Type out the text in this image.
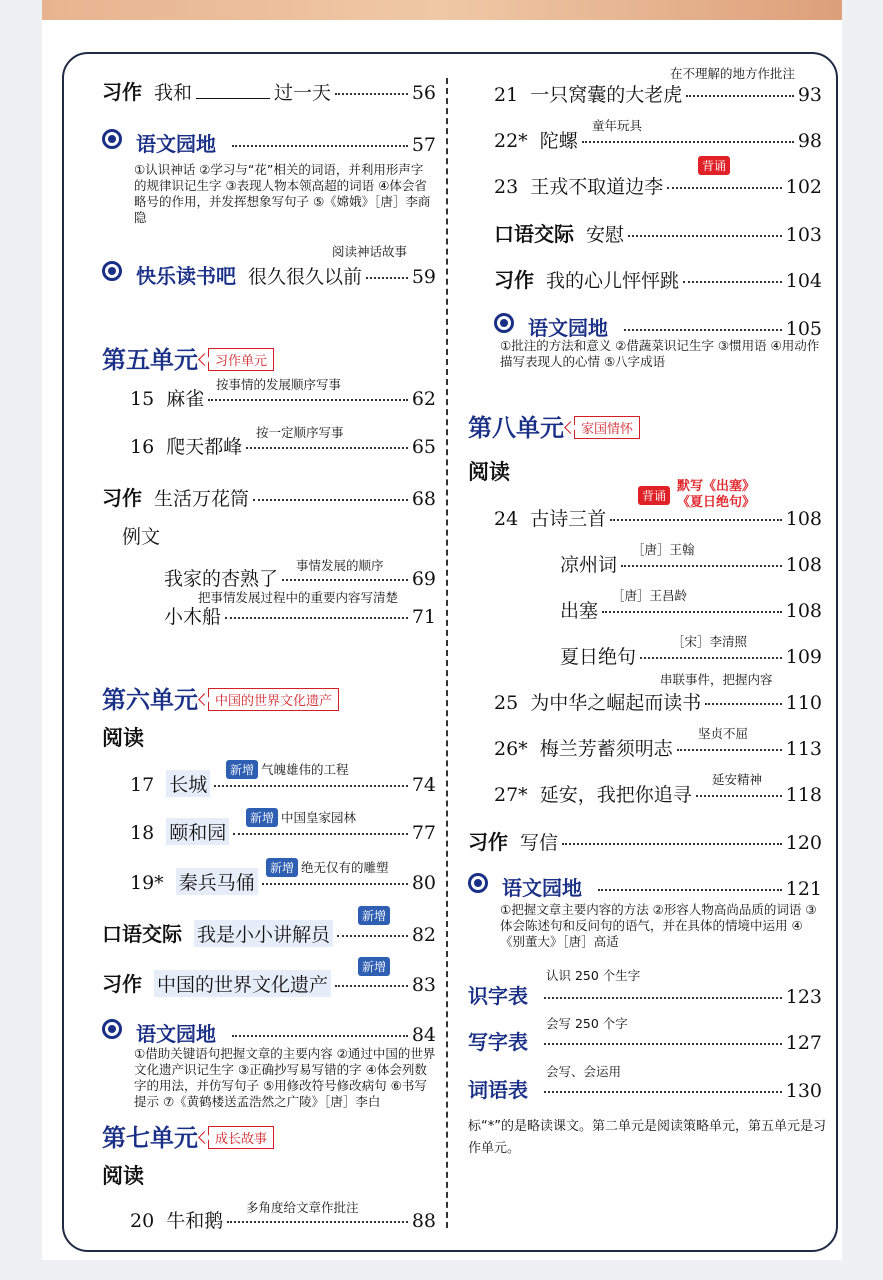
习作 我和	过一天	56
语文园地	57
①认识神话 ②学习与“花”相关的词语，并利用形声字的规律识记生字 ③表现人物本领高超的词语 ④体会省略号的作用，并发挥想象写句子 ⑤《嫦娥》［唐］李商隐
阅读神话故事
快乐读书吧 很久很久以前	59
第五单元 习作单元
按事情的发展顺序写事
15 麻雀	62
按一定顺序写事
16 爬天都峰	65
习作 生活万花筒	68
例文
事情发展的顺序
我家的杏熟了	69
把事情发展过程中的重要内容写清楚
小木船	71
第六单元 中国的世界文化遗产
阅读
新增 气魄雄伟的工程
17 长城	74
新增 中国皇家园林
18 颐和园	77
新增 绝无仅有的雕塑
19* 秦兵马俑	80
新增
口语交际 我是小小讲解员	82
新增
习作 中国的世界文化遗产	83
语文园地	84
①借助关键语句把握文章的主要内容 ②通过中国的世界文化遗产识记生字 ③正确抄写易写错的字 ④体会列数字的用法，并仿写句子 ⑤用修改符号修改病句 ⑥书写提示 ⑦《黄鹤楼送孟浩然之广陵》［唐］李白
第七单元 成长故事
阅读
多角度给文章作批注
20 牛和鹅	88
在不理解的地方作批注
21 一只窝囊的大老虎	93
童年玩具
22* 陀螺	98
背诵
23 王戎不取道边李	102
口语交际 安慰	103
习作 我的心儿怦怦跳	104
语文园地	105
①批注的方法和意义 ②借蔬菜识记生字 ③惯用语 ④用动作描写表现人的心情 ⑤八字成语
第八单元 家国情怀
阅读
背诵 默写《出塞》
《夏日绝句》
24 古诗三首	108
［唐］王翰
凉州词	108
［唐］王昌龄
出塞	108
［宋］李清照
夏日绝句	109
串联事件，把握内容
25 为中华之崛起而读书	110
坚贞不屈
26* 梅兰芳蓄须明志	113
延安精神
27* 延安，我把你追寻	118
习作 写信	120
语文园地	121
①把握文章主要内容的方法 ②形容人物高尚品质的词语 ③体会陈述句和反问句的语气，并在具体的情境中运用 ④《别董大》［唐］高适
认识 250 个生字
识字表	123
会写 250 个字
写字表	127
会写、会运用
词语表	130
标“*”的是略读课文。第二单元是阅读策略单元，第五单元是习作单元。
